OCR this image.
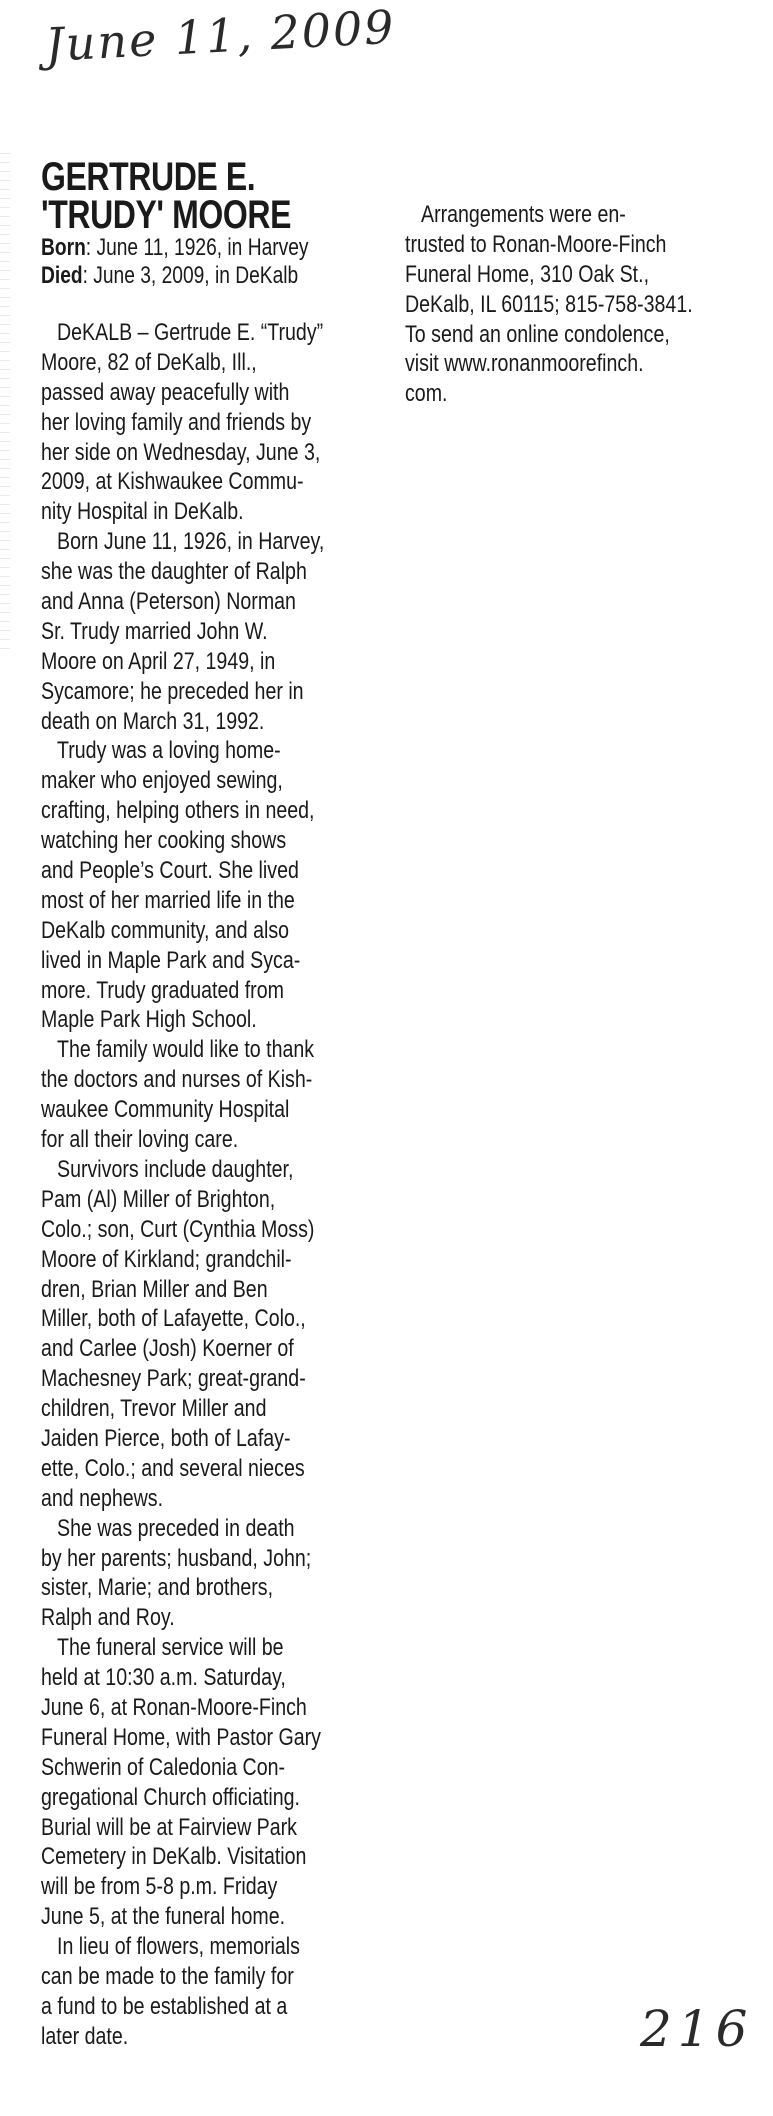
June 11, 2009
GERTRUDE E.
'TRUDY' MOORE
Born: June 11, 1926, in Harvey
Died: June 3, 2009, in DeKalb
DeKALB – Gertrude E. “Trudy”
Moore, 82 of DeKalb, Ill.,
passed away peacefully with
her loving family and friends by
her side on Wednesday, June 3,
2009, at Kishwaukee Commu-
nity Hospital in DeKalb.
Born June 11, 1926, in Harvey,
she was the daughter of Ralph
and Anna (Peterson) Norman
Sr. Trudy married John W.
Moore on April 27, 1949, in
Sycamore; he preceded her in
death on March 31, 1992.
Trudy was a loving home-
maker who enjoyed sewing,
crafting, helping others in need,
watching her cooking shows
and People’s Court. She lived
most of her married life in the
DeKalb community, and also
lived in Maple Park and Syca-
more. Trudy graduated from
Maple Park High School.
The family would like to thank
the doctors and nurses of Kish-
waukee Community Hospital
for all their loving care.
Survivors include daughter,
Pam (Al) Miller of Brighton,
Colo.; son, Curt (Cynthia Moss)
Moore of Kirkland; grandchil-
dren, Brian Miller and Ben
Miller, both of Lafayette, Colo.,
and Carlee (Josh) Koerner of
Machesney Park; great-grand-
children, Trevor Miller and
Jaiden Pierce, both of Lafay-
ette, Colo.; and several nieces
and nephews.
She was preceded in death
by her parents; husband, John;
sister, Marie; and brothers,
Ralph and Roy.
The funeral service will be
held at 10:30 a.m. Saturday,
June 6, at Ronan-Moore-Finch
Funeral Home, with Pastor Gary
Schwerin of Caledonia Con-
gregational Church officiating.
Burial will be at Fairview Park
Cemetery in DeKalb. Visitation
will be from 5-8 p.m. Friday
June 5, at the funeral home.
In lieu of flowers, memorials
can be made to the family for
a fund to be established at a
later date.
Arrangements were en-
trusted to Ronan-Moore-Finch
Funeral Home, 310 Oak St.,
DeKalb, IL 60115; 815-758-3841.
To send an online condolence,
visit www.ronanmoorefinch.
com.
216
